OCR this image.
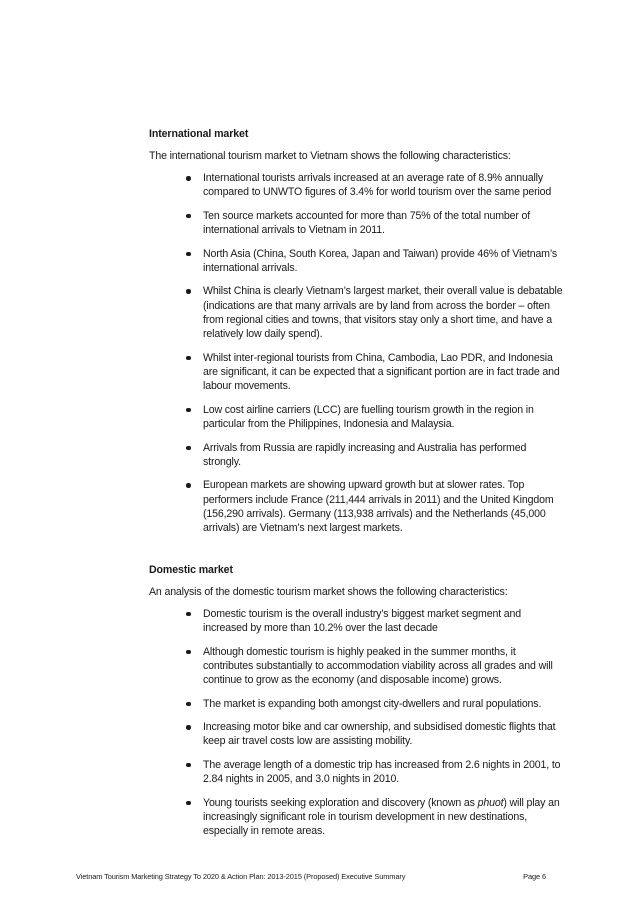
International market
The international tourism market to Vietnam shows the following characteristics:
International tourists arrivals increased at an average rate of 8.9% annually compared to UNWTO figures of 3.4% for world tourism over the same period
Ten source markets accounted for more than 75% of the total number of international arrivals to Vietnam in 2011.
North Asia (China, South Korea, Japan and Taiwan) provide 46% of Vietnam’s international arrivals.
Whilst China is clearly Vietnam’s largest market, their overall value is debatable (indications are that many arrivals are by land from across the border – often from regional cities and towns, that visitors stay only a short time, and have a relatively low daily spend).
Whilst inter-regional tourists from China, Cambodia, Lao PDR, and Indonesia are significant, it can be expected that a significant portion are in fact trade and labour movements.
Low cost airline carriers (LCC) are fuelling tourism growth in the region in particular from the Philippines, Indonesia and Malaysia.
Arrivals from Russia are rapidly increasing and Australia has performed strongly.
European markets are showing upward growth but at slower rates. Top performers include France (211,444 arrivals in 2011) and the United Kingdom (156,290 arrivals). Germany (113,938 arrivals) and the Netherlands (45,000 arrivals) are Vietnam’s next largest markets.
Domestic market
An analysis of the domestic tourism market shows the following characteristics:
Domestic tourism is the overall industry’s biggest market segment and increased by more than 10.2% over the last decade
Although domestic tourism is highly peaked in the summer months, it contributes substantially to accommodation viability across all grades and will continue to grow as the economy (and disposable income) grows.
The market is expanding both amongst city-dwellers and rural populations.
Increasing motor bike and car ownership, and subsidised domestic flights that keep air travel costs low are assisting mobility.
The average length of a domestic trip has increased from 2.6 nights in 2001, to 2.84 nights in 2005, and 3.0 nights in 2010.
Young tourists seeking exploration and discovery (known as phuot) will play an increasingly significant role in tourism development in new destinations, especially in remote areas.
Vietnam Tourism Marketing Strategy To 2020 & Action Plan: 2013-2015 (Proposed) Executive Summary	Page 6
